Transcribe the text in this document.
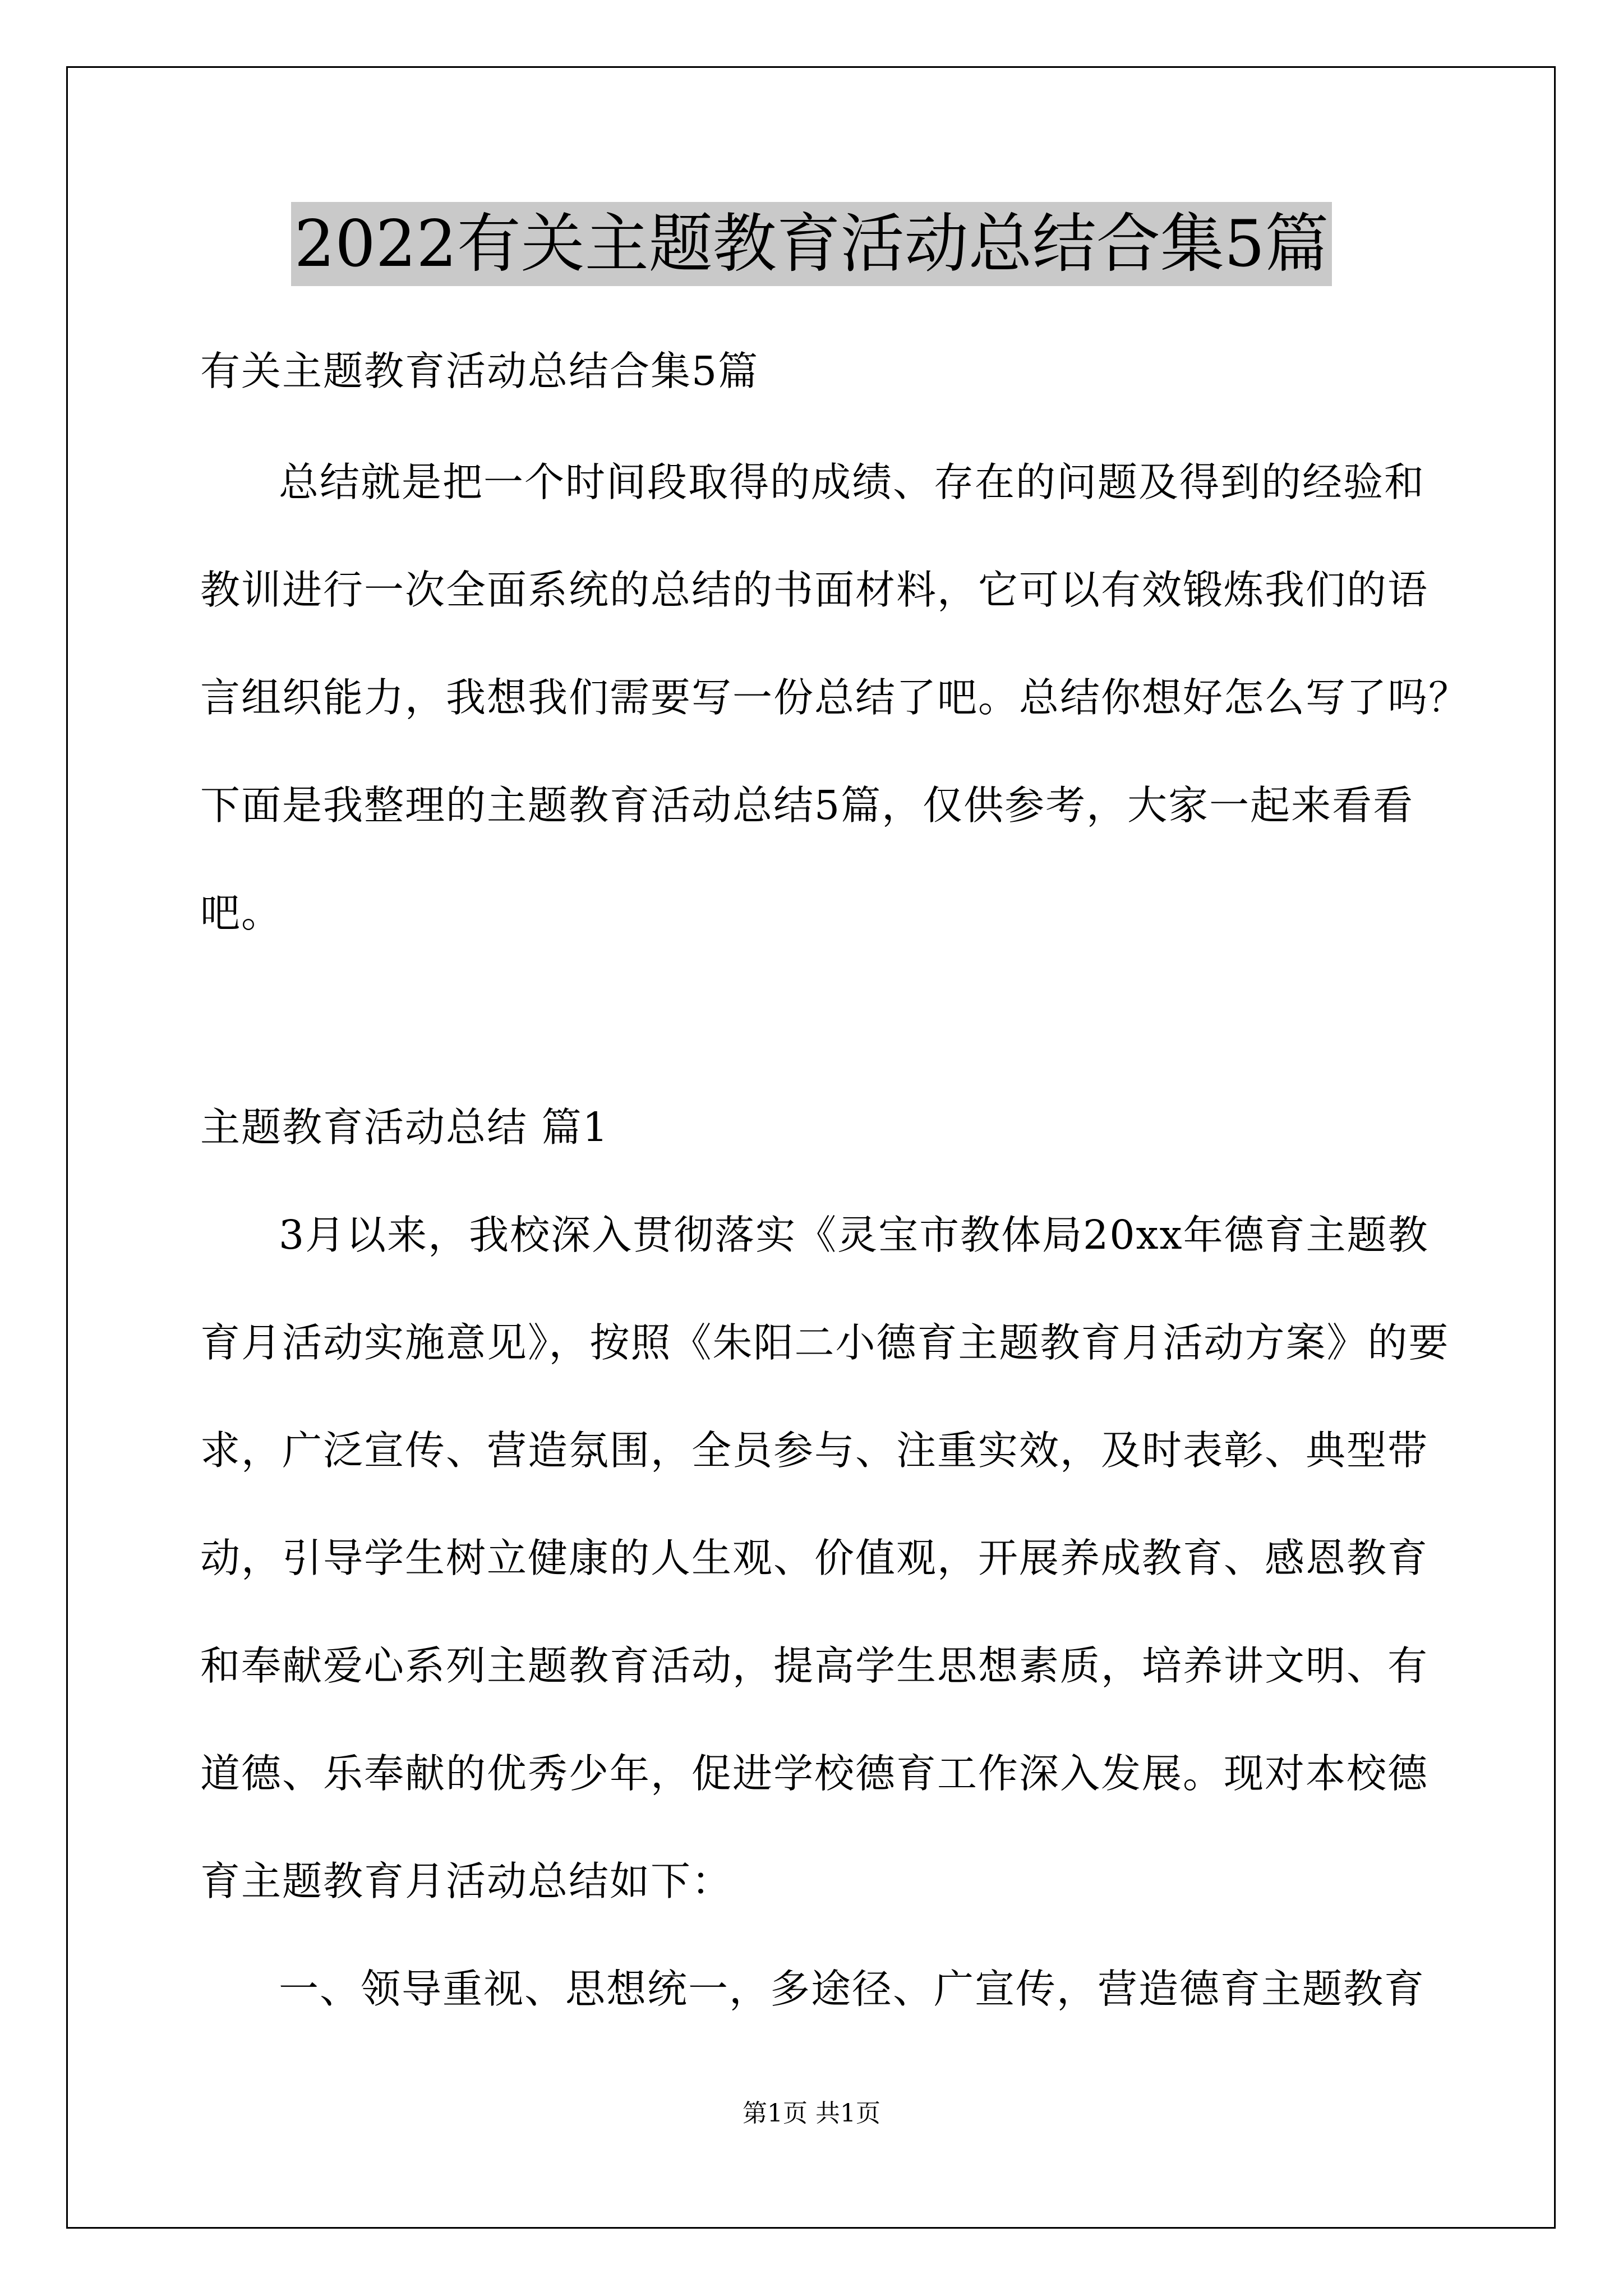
2022有关主题教育活动总结合集5篇
有关主题教育活动总结合集5篇
总结就是把一个时间段取得的成绩、存在的问题及得到的经验和
教训进行一次全面系统的总结的书面材料，它可以有效锻炼我们的语
言组织能力，我想我们需要写一份总结了吧。总结你想好怎么写了吗？
下面是我整理的主题教育活动总结5篇，仅供参考，大家一起来看看
吧。
主题教育活动总结 篇1
3月以来，我校深入贯彻落实《灵宝市教体局20xx年德育主题教
育月活动实施意见》，按照《朱阳二小德育主题教育月活动方案》的要
求，广泛宣传、营造氛围，全员参与、注重实效，及时表彰、典型带
动，引导学生树立健康的人生观、价值观，开展养成教育、感恩教育
和奉献爱心系列主题教育活动，提高学生思想素质，培养讲文明、有
道德、乐奉献的优秀少年，促进学校德育工作深入发展。现对本校德
育主题教育月活动总结如下：
一、领导重视、思想统一，多途径、广宣传，营造德育主题教育
第1页 共1页
